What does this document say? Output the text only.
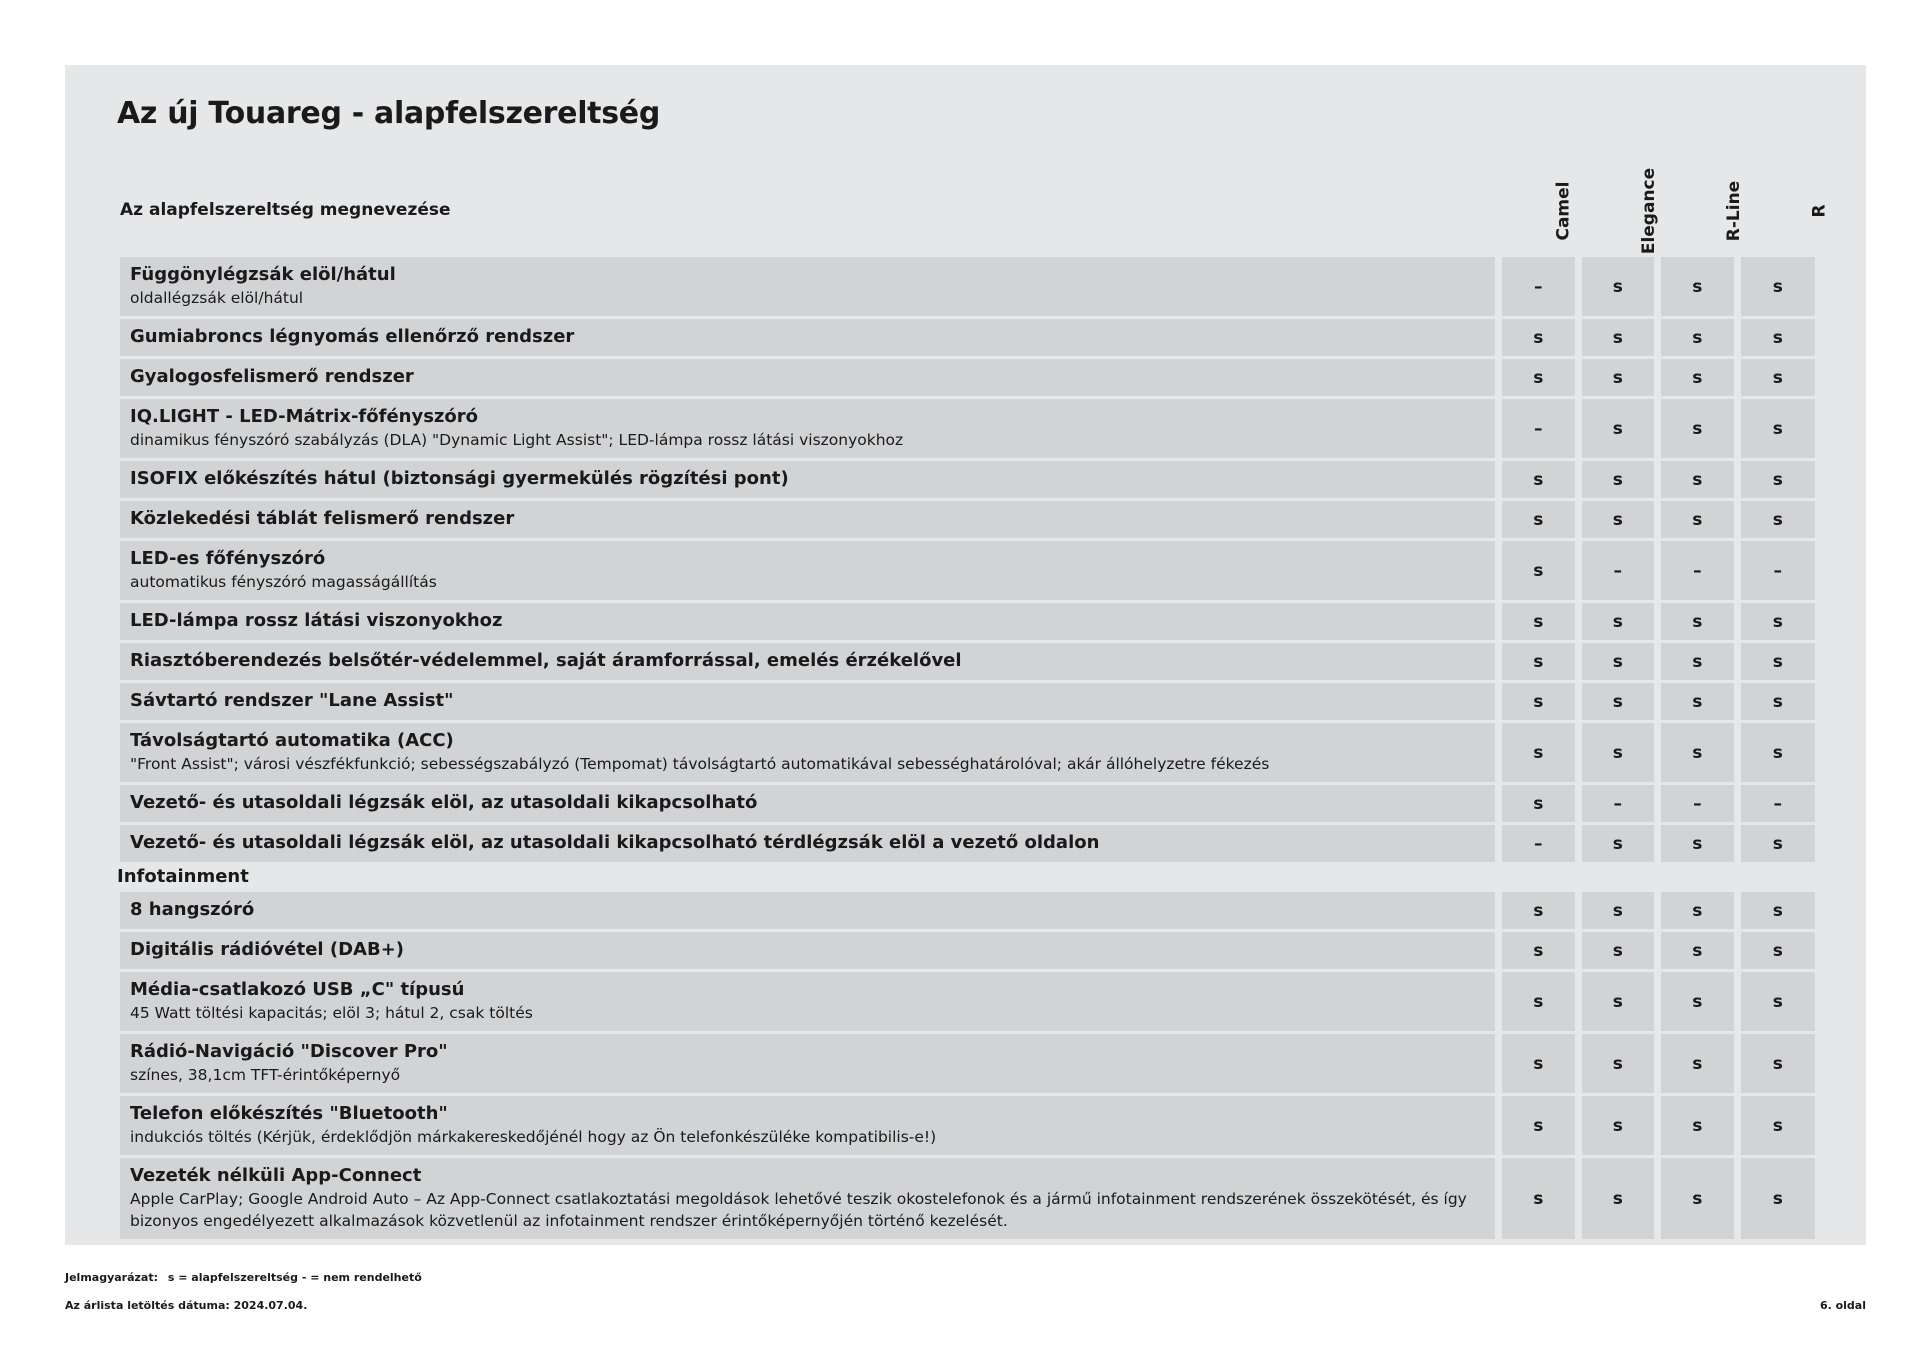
Az új Touareg - alapfelszereltség
Az alapfelszereltség megnevezése	Camel	Elegance	R-Line	R
Függönylégzsák elöl/hátul
oldallégzsák elöl/hátul
–	s	s	s
Gumiabroncs légnyomás ellenőrző rendszer	s	s	s	s
Gyalogosfelismerő rendszer	s	s	s	s
IQ.LIGHT - LED-Mátrix-főfényszóró
dinamikus fényszóró szabályzás (DLA) "Dynamic Light Assist"; LED-lámpa rossz látási viszonyokhoz
–	s	s	s
ISOFIX előkészítés hátul (biztonsági gyermekülés rögzítési pont)	s	s	s	s
Közlekedési táblát felismerő rendszer	s	s	s	s
LED-es főfényszóró
automatikus fényszóró magasságállítás
s	–	–	–
LED-lámpa rossz látási viszonyokhoz	s	s	s	s
Riasztóberendezés belsőtér-védelemmel, saját áramforrással, emelés érzékelővel	s	s	s	s
Sávtartó rendszer "Lane Assist"	s	s	s	s
Távolságtartó automatika (ACC)
"Front Assist"; városi vészfékfunkció; sebességszabályzó (Tempomat) távolságtartó automatikával sebességhatárolóval; akár állóhelyzetre fékezés
s	s	s	s
Vezető- és utasoldali légzsák elöl, az utasoldali kikapcsolható	s	–	–	–
Vezető- és utasoldali légzsák elöl, az utasoldali kikapcsolható térdlégzsák elöl a vezető oldalon	–	s	s	s
Infotainment
8 hangszóró	s	s	s	s
Digitális rádióvétel (DAB+)	s	s	s	s
Média-csatlakozó USB „C" típusú
45 Watt töltési kapacitás; elöl 3; hátul 2, csak töltés
s	s	s	s
Rádió-Navigáció "Discover Pro"
színes, 38,1cm TFT-érintőképernyő
s	s	s	s
Telefon előkészítés "Bluetooth"
indukciós töltés (Kérjük, érdeklődjön márkakereskedőjénél hogy az Ön telefonkészüléke kompatibilis-e!)
s	s	s	s
Vezeték nélküli App-Connect
Apple CarPlay; Google Android Auto – Az App-Connect csatlakoztatási megoldások lehetővé teszik okostelefonok és a jármű infotainment rendszerének összekötését, és így bizonyos engedélyezett alkalmazások közvetlenül az infotainment rendszer érintőképernyőjén történő kezelését.
s	s	s	s
Jelmagyarázat: s = alapfelszereltség - = nem rendelhető
Az árlista letöltés dátuma: 2024.07.04.	6. oldal
